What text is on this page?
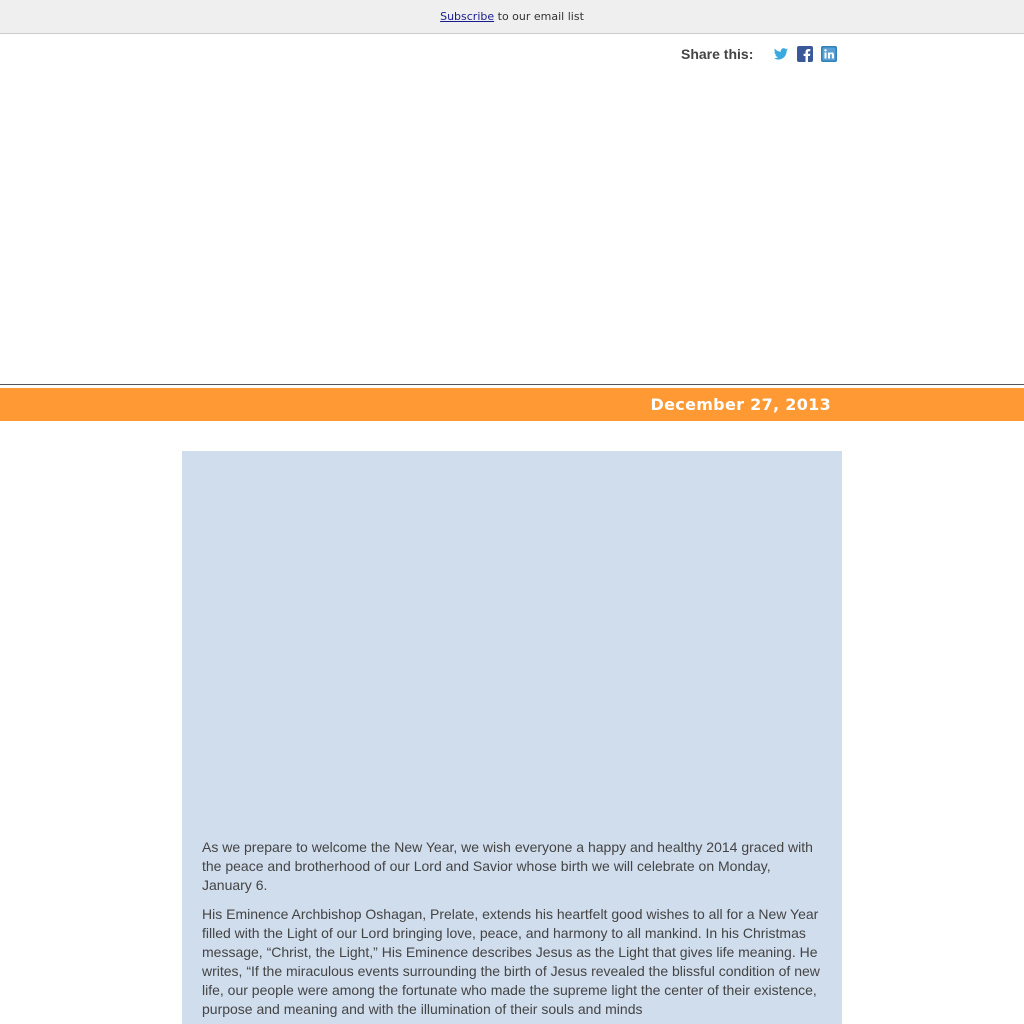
Subscribe to our email list
Share this:
December 27, 2013

As we prepare to welcome the New Year, we wish everyone a happy and healthy 2014 graced with the peace and brotherhood of our Lord and Savior whose birth we will celebrate on Monday, January 6.

His Eminence Archbishop Oshagan, Prelate, extends his heartfelt good wishes to all for a New Year filled with the Light of our Lord bringing love, peace, and harmony to all mankind. In his Christmas message, “Christ, the Light,” His Eminence describes Jesus as the Light that gives life meaning. He writes, “If the miraculous events surrounding the birth of Jesus revealed the blissful condition of new life, our people were among the fortunate who made the supreme light the center of their existence, purpose and meaning and with the illumination of their souls and minds
